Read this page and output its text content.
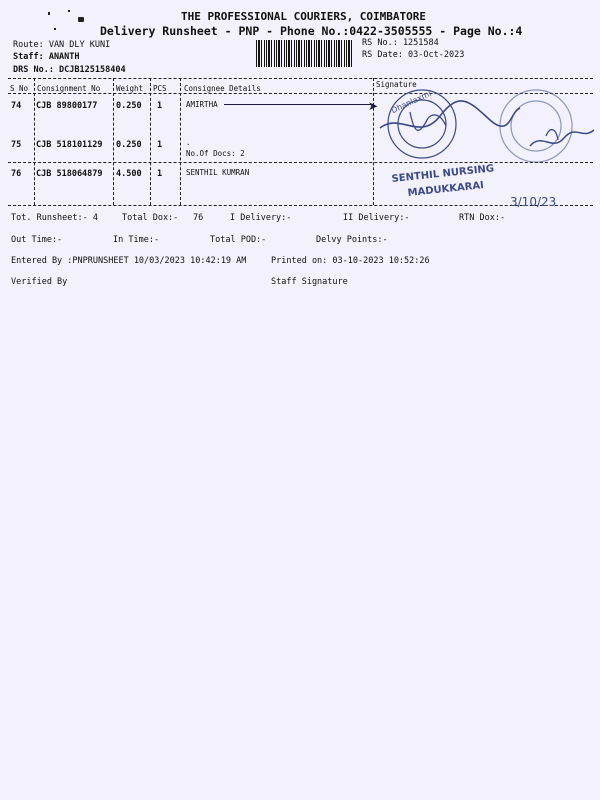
THE PROFESSIONAL COURIERS, COIMBATORE
Delivery Runsheet - PNP - Phone No.:0422-3505555 - Page No.:4
Route: VAN DLY KUNI
Staff: ANANTH
DRS No.: DCJB125158404
RS No.: 1251584
RS Date: 03-Oct-2023
S No Consignment No Weight PCS Consignee Details	Signature
74 CJB 89800177 0.250 1	AMIRTHA	➤
75 CJB 518101129 0.250 1	.
No.Of Docs: 2
76 CJB 518064879 4.500 1	SENTHIL KUMRAN
Dhanlaxmi
SENTHIL NURSING
MADUKKARAI
3/10/23
Tot. Runsheet:- 4	Total Dox:- 76	I Delivery:-	II Delivery:-	RTN Dox:-
Out Time:-	In Time:-	Total POD:-	Delvy Points:-
Entered By :PNPRUNSHEET 10/03/2023 10:42:19 AM	Printed on: 03-10-2023 10:52:26
Verified By	Staff Signature
